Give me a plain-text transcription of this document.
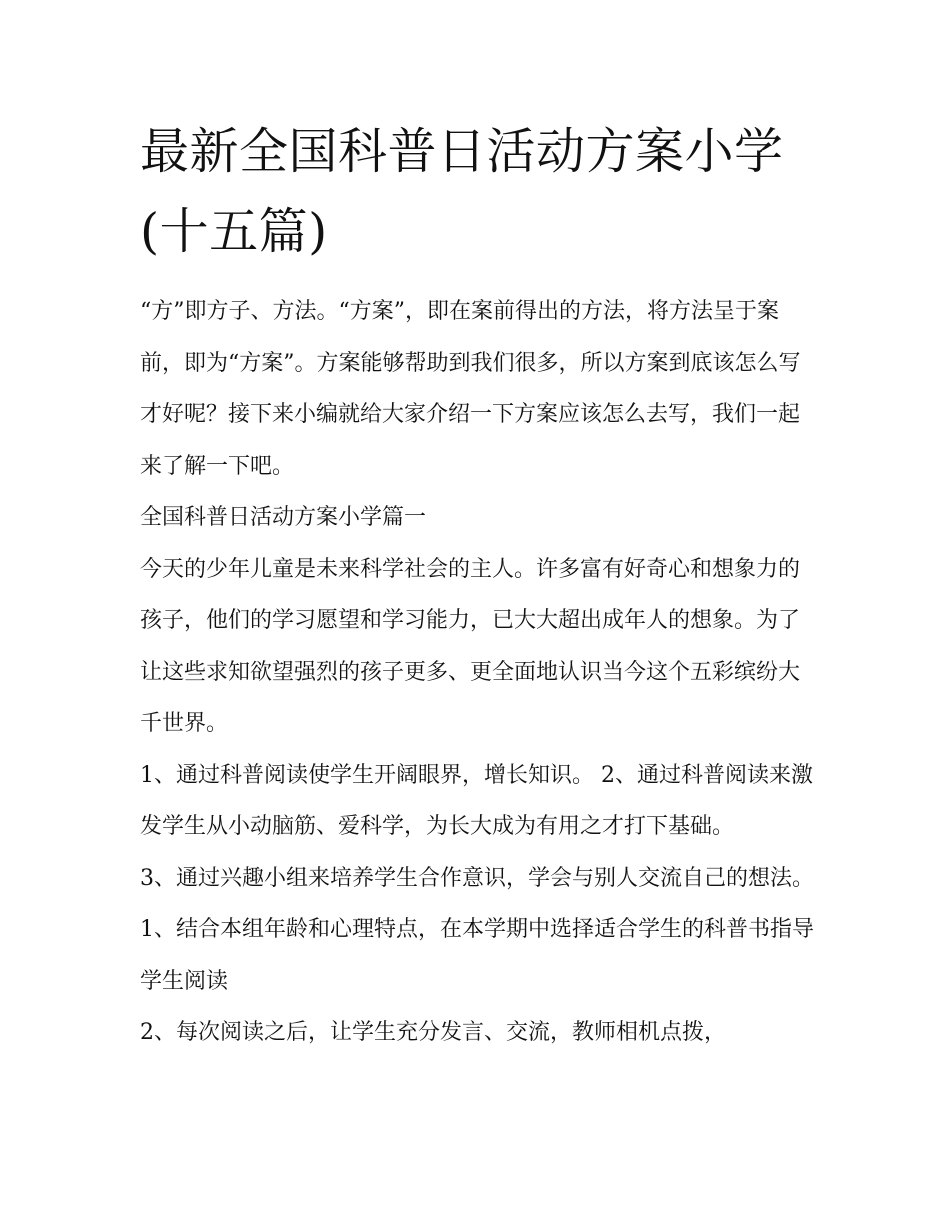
最新全国科普日活动方案小学(十五篇)

“方”即方子、方法。“方案”，即在案前得出的方法，将方法呈于案前，即为“方案”。方案能够帮助到我们很多，所以方案到底该怎么写才好呢？接下来小编就给大家介绍一下方案应该怎么去写，我们一起来了解一下吧。

全国科普日活动方案小学篇一

今天的少年儿童是未来科学社会的主人。许多富有好奇心和想象力的孩子，他们的学习愿望和学习能力，已大大超出成年人的想象。为了让这些求知欲望强烈的孩子更多、更全面地认识当今这个五彩缤纷大千世界。

1、通过科普阅读使学生开阔眼界，增长知识。 2、通过科普阅读来激发学生从小动脑筋、爱科学，为长大成为有用之才打下基础。

3、通过兴趣小组来培养学生合作意识，学会与别人交流自己的想法。 1、结合本组年龄和心理特点，在本学期中选择适合学生的科普书指导学生阅读

2、每次阅读之后，让学生充分发言、交流，教师相机点拨，
